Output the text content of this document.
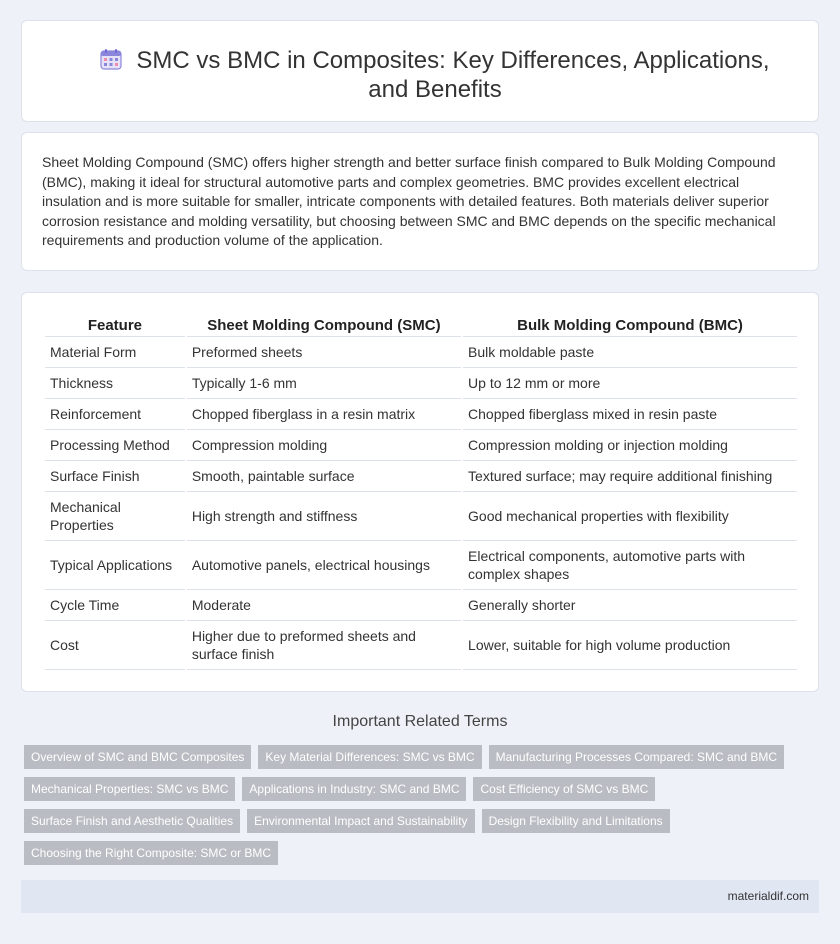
SMC vs BMC in Composites: Key Differences, Applications, and Benefits

Sheet Molding Compound (SMC) offers higher strength and better surface finish compared to Bulk Molding Compound (BMC), making it ideal for structural automotive parts and complex geometries. BMC provides excellent electrical insulation and is more suitable for smaller, intricate components with detailed features. Both materials deliver superior corrosion resistance and molding versatility, but choosing between SMC and BMC depends on the specific mechanical requirements and production volume of the application.

Feature	Sheet Molding Compound (SMC)	Bulk Molding Compound (BMC)
Material Form	Preformed sheets	Bulk moldable paste
Thickness	Typically 1-6 mm	Up to 12 mm or more
Reinforcement	Chopped fiberglass in a resin matrix	Chopped fiberglass mixed in resin paste
Processing Method	Compression molding	Compression molding or injection molding
Surface Finish	Smooth, paintable surface	Textured surface; may require additional finishing
Mechanical Properties	High strength and stiffness	Good mechanical properties with flexibility
Typical Applications	Automotive panels, electrical housings	Electrical components, automotive parts with complex shapes
Cycle Time	Moderate	Generally shorter
Cost	Higher due to preformed sheets and surface finish	Lower, suitable for high volume production
Important Related Terms
Overview of SMC and BMC Composites	Key Material Differences: SMC vs BMC	Manufacturing Processes Compared: SMC and BMC
Mechanical Properties: SMC vs BMC	Applications in Industry: SMC and BMC	Cost Efficiency of SMC vs BMC
Surface Finish and Aesthetic Qualities	Environmental Impact and Sustainability	Design Flexibility and Limitations
Choosing the Right Composite: SMC or BMC
materialdif.com
